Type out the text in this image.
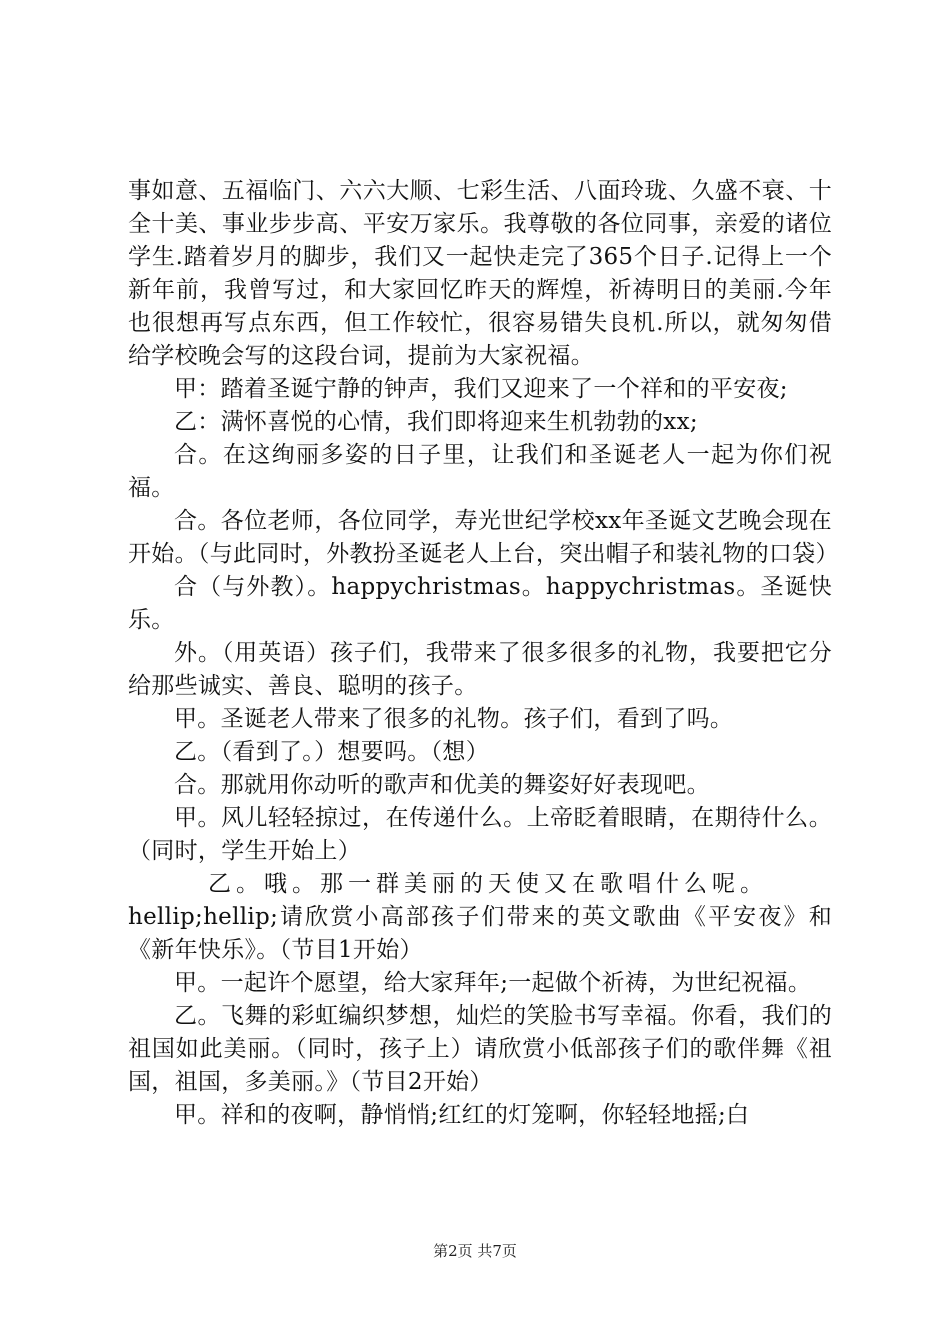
事如意、五福临门、六六大顺、七彩生活、八面玲珑、久盛不衰、十全十美、事业步步高、平安万家乐。我尊敬的各位同事，亲爱的诸位学生.踏着岁月的脚步，我们又一起快走完了365个日子.记得上一个新年前，我曾写过，和大家回忆昨天的辉煌，祈祷明日的美丽.今年也很想再写点东西，但工作较忙，很容易错失良机.所以，就匆匆借给学校晚会写的这段台词，提前为大家祝福。

甲：踏着圣诞宁静的钟声，我们又迎来了一个祥和的平安夜;

乙：满怀喜悦的心情，我们即将迎来生机勃勃的xx;

合。在这绚丽多姿的日子里，让我们和圣诞老人一起为你们祝福。

合。各位老师，各位同学，寿光世纪学校xx年圣诞文艺晚会现在开始。（与此同时，外教扮圣诞老人上台，突出帽子和装礼物的口袋）

合（与外教）。happychristmas。happychristmas。圣诞快乐。

外。（用英语）孩子们，我带来了很多很多的礼物，我要把它分给那些诚实、善良、聪明的孩子。

甲。圣诞老人带来了很多的礼物。孩子们，看到了吗。

乙。（看到了。）想要吗。（想）

合。那就用你动听的歌声和优美的舞姿好好表现吧。

甲。风儿轻轻掠过，在传递什么。上帝眨着眼睛，在期待什么。（同时，学生开始上）

乙。哦。那一群美丽的天使又在歌唱什么呢。

hellip;hellip;请欣赏小高部孩子们带来的英文歌曲《平安夜》和《新年快乐》。（节目1开始）

甲。一起许个愿望，给大家拜年;一起做个祈祷，为世纪祝福。

乙。飞舞的彩虹编织梦想，灿烂的笑脸书写幸福。你看，我们的祖国如此美丽。（同时，孩子上）请欣赏小低部孩子们的歌伴舞《祖国，祖国，多美丽。》（节目2开始）

甲。祥和的夜啊，静悄悄;红红的灯笼啊，你轻轻地摇;白

第2页 共7页
